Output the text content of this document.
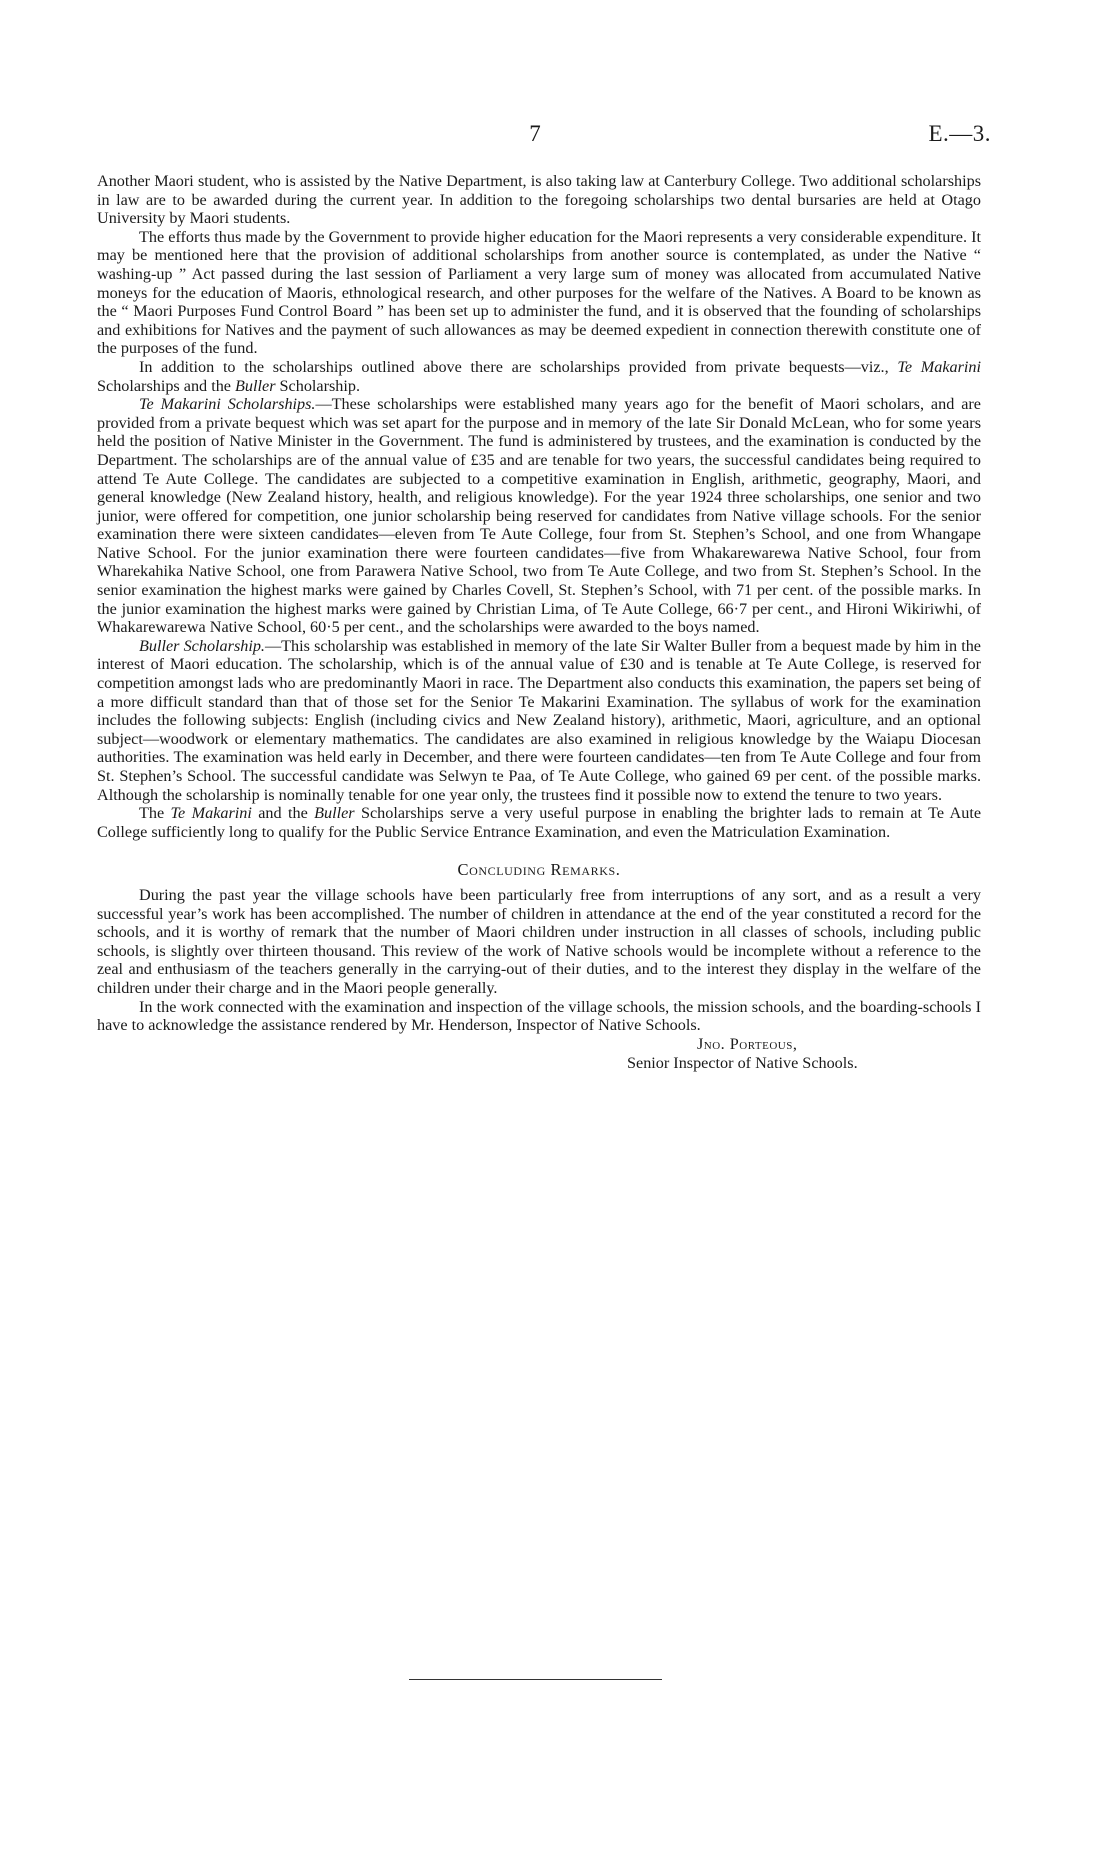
7	E.—3.

Another Maori student, who is assisted by the Native Department, is also taking law at Canterbury College. Two additional scholarships in law are to be awarded during the current year. In addition to the foregoing scholarships two dental bursaries are held at Otago University by Maori students.

The efforts thus made by the Government to provide higher education for the Maori represents a very considerable expenditure. It may be mentioned here that the provision of additional scholarships from another source is contemplated, as under the Native “ washing-up ” Act passed during the last session of Parliament a very large sum of money was allocated from accumulated Native moneys for the education of Maoris, ethnological research, and other purposes for the welfare of the Natives. A Board to be known as the “ Maori Purposes Fund Control Board ” has been set up to administer the fund, and it is observed that the founding of scholarships and exhibitions for Natives and the payment of such allowances as may be deemed expedient in connection therewith constitute one of the purposes of the fund.

In addition to the scholarships outlined above there are scholarships provided from private bequests—viz., Te Makarini Scholarships and the Buller Scholarship.

Te Makarini Scholarships.—These scholarships were established many years ago for the benefit of Maori scholars, and are provided from a private bequest which was set apart for the purpose and in memory of the late Sir Donald McLean, who for some years held the position of Native Minister in the Government. The fund is administered by trustees, and the examination is conducted by the Department. The scholarships are of the annual value of £35 and are tenable for two years, the successful candidates being required to attend Te Aute College. The candidates are subjected to a competitive examination in English, arithmetic, geography, Maori, and general knowledge (New Zealand history, health, and religious knowledge). For the year 1924 three scholarships, one senior and two junior, were offered for competition, one junior scholarship being reserved for candidates from Native village schools. For the senior examination there were sixteen candidates—eleven from Te Aute College, four from St. Stephen’s School, and one from Whangape Native School. For the junior examination there were fourteen candidates—five from Whakarewarewa Native School, four from Wharekahika Native School, one from Parawera Native School, two from Te Aute College, and two from St. Stephen’s School. In the senior examination the highest marks were gained by Charles Covell, St. Stephen’s School, with 71 per cent. of the possible marks. In the junior examination the highest marks were gained by Christian Lima, of Te Aute College, 66·7 per cent., and Hironi Wikiriwhi, of Whakarewarewa Native School, 60·5 per cent., and the scholarships were awarded to the boys named.

Buller Scholarship.—This scholarship was established in memory of the late Sir Walter Buller from a bequest made by him in the interest of Maori education. The scholarship, which is of the annual value of £30 and is tenable at Te Aute College, is reserved for competition amongst lads who are predominantly Maori in race. The Department also conducts this examination, the papers set being of a more difficult standard than that of those set for the Senior Te Makarini Examination. The syllabus of work for the examination includes the following subjects: English (including civics and New Zealand history), arithmetic, Maori, agriculture, and an optional subject—woodwork or elementary mathematics. The candidates are also examined in religious knowledge by the Waiapu Diocesan authorities. The examination was held early in December, and there were fourteen candidates—ten from Te Aute College and four from St. Stephen’s School. The successful candidate was Selwyn te Paa, of Te Aute College, who gained 69 per cent. of the possible marks. Although the scholarship is nominally tenable for one year only, the trustees find it possible now to extend the tenure to two years.

The Te Makarini and the Buller Scholarships serve a very useful purpose in enabling the brighter lads to remain at Te Aute College sufficiently long to qualify for the Public Service Entrance Examination, and even the Matriculation Examination.

Concluding Remarks.

During the past year the village schools have been particularly free from interruptions of any sort, and as a result a very successful year’s work has been accomplished. The number of children in attendance at the end of the year constituted a record for the schools, and it is worthy of remark that the number of Maori children under instruction in all classes of schools, including public schools, is slightly over thirteen thousand. This review of the work of Native schools would be incomplete without a reference to the zeal and enthusiasm of the teachers generally in the carrying-out of their duties, and to the interest they display in the welfare of the children under their charge and in the Maori people generally.

In the work connected with the examination and inspection of the village schools, the mission schools, and the boarding-schools I have to acknowledge the assistance rendered by Mr. Henderson, Inspector of Native Schools.

Jno. Porteous,
Senior Inspector of Native Schools.
